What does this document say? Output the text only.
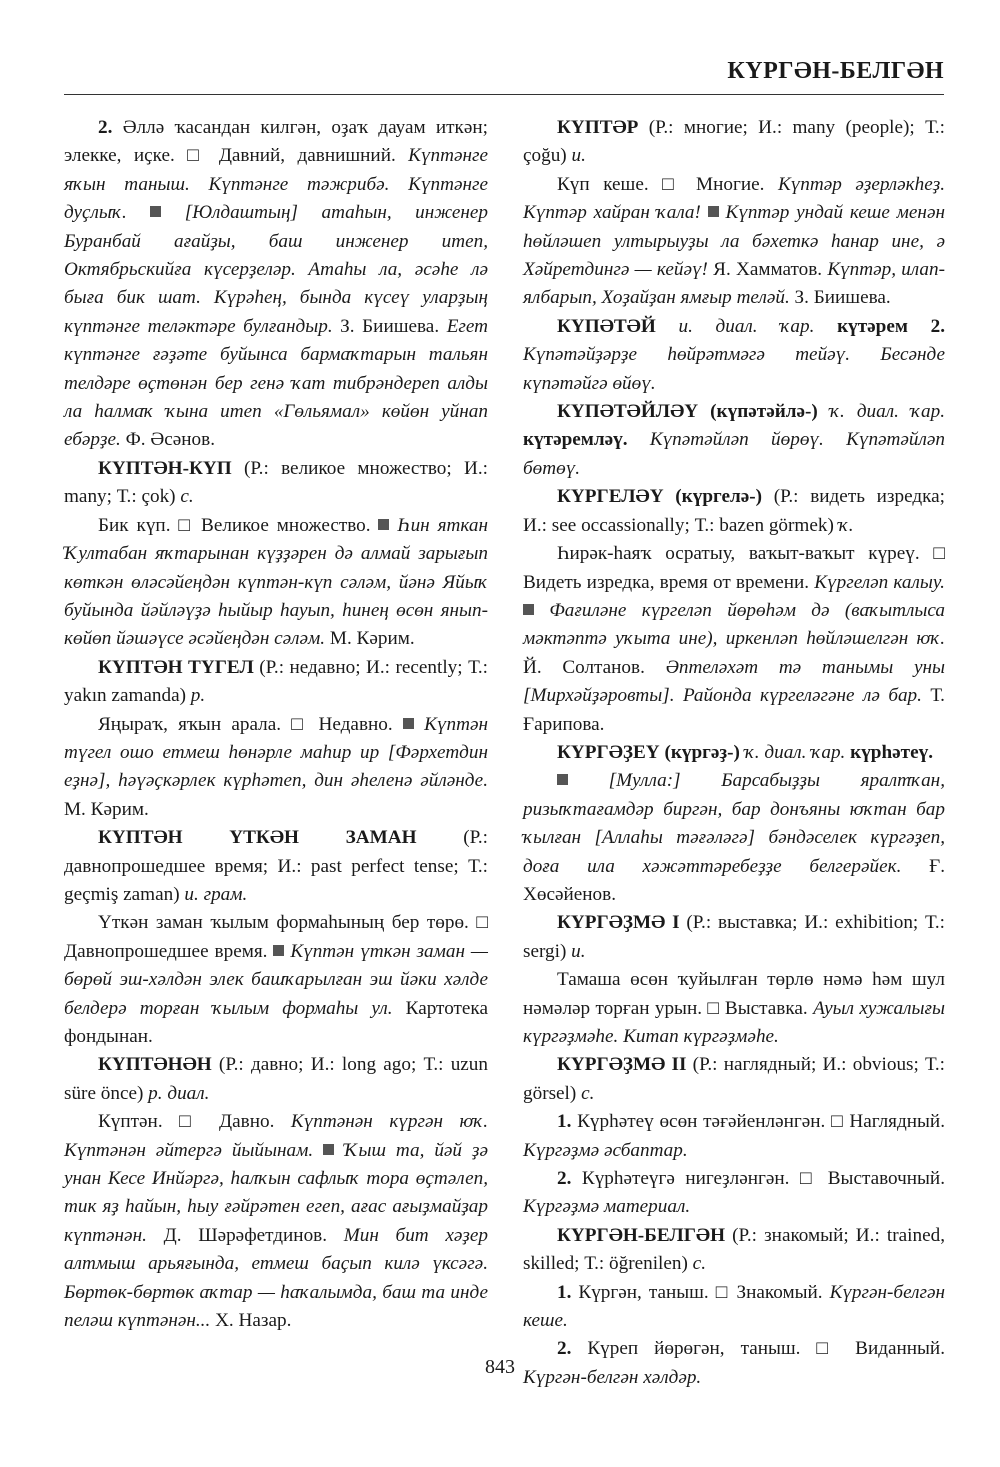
КҮРГӘН-БЕЛГӘН

2. Әллә ҡасандан килгән, оҙаҡ дауам иткән; элекке, иҫке. □ Давний, давнишний. Күптәнге яҡын таныш. Күптәнге тәжрибә. Күптәнге дуҫлыҡ.  [Юлдаштың] атаһын, инженер Буранбай ағайҙы, баш инженер итеп, Октябрьскийға күсерҙеләр. Атаһы ла, әсәһе лә быға бик шат. Күрәһең, бында күсеү уларҙың күптәнге теләктәре булғандыр. З. Биишева. Егет күптәнге ғәҙәте буйынса бармаҡтарын тальян телдәре өҫтөнән бер генә ҡат тибрәндереп алды ла һалмаҡ ҡына итеп «Гөльямал» көйөн уйнап ебәрҙе. Ф. Әсәнов.

КҮПТӘН-КҮП (Р.: великое множество; И.: many; Т.: çok) с.

Бик күп. □ Великое множество.  Һин яткан Ҡултабан яҡтарынан күҙҙәрен дә алмай зарығып көткән өләсәйеңдән күптән-күп сәләм, йәнә Яйыҡ буйында йәйләүҙә һыйыр һауып, һинең өсөн янып-көйөп йәшәүсе әсәйеңдән сәләм. М. Кәрим.

КҮПТӘН ТҮГЕЛ (Р.: недавно; И.: recently; Т.: yakın zamanda) р.

Яңыраҡ, яҡын арала. □ Недавно.  Күптән түгел ошо етмеш һөнәрле маһир ир [Фәрхетдин еҙнә], һәүәҫкәрлек күрһәтеп, дин әһеленә әйләнде. М. Кәрим.

КҮПТӘН ҮТКӘН ЗАМАН (Р.: давнопрошедшее время; И.: past perfect tense; Т.: geçmiş zaman) и. грам.

Үткән заман ҡылым формаһының бер төрө. □ Давнопрошедшее время.  Күптән үткән заман — бөрөй эш-хәлдән элек башҡарылған эш йәки хәлде белдерә торған ҡылым формаһы ул. Картотека фондынан.

КҮПТӘНӘН (Р.: давно; И.: long ago; Т.: uzun süre önce) р. диал.

Күптән. □ Давно. Күптәнән күргән юҡ. Күптәнән әйтергә йыйынам.  Ҡыш та, йәй ҙә унан Кесе Инйәргә, һалҡын сафлыҡ тора өҫтәлеп, тик яҙ һайын, һыу ғәйрәтен егеп, ағас ағыҙмайҙар күптәнән. Д. Шәрәфетдинов. Мин бит хәҙер алтмыш арьяғында, етмеш баҫып килә үксәгә. Бөртөк-бөртөк аҡтар — һаҡалымда, баш та инде пеләш күптәнән... Х. Назар.

КҮПТӘР (Р.: многие; И.: many (people); Т.: çoğu) и.

Күп кеше. □ Многие. Күптәр әҙерләкһеҙ. Күптәр хайран ҡала!  Күптәр ундай кеше менән һөйләшеп ултырыуҙы ла бәхеткә һанар ине, ә Хәйретдингә — кейәү! Я. Хамматов. Күптәр, илап-ялбарып, Хоҙайҙан ямғыр теләй. З. Биишева.

КҮПӘТӘЙ и. диал. ҡар. күтәрем 2. Күпәтәйҙәрҙе һөйрәтмәгә тейәү. Бесәнде күпәтәйгә өйөү.

КҮПӘТӘЙЛӘҮ (күпәтәйлә-) ҡ. диал. ҡар. күтәремләү. Күпәтәйләп йөрөү. Күпәтәйләп бөтөү.

КҮРГЕЛӘҮ (күргелә-) (Р.: видеть изредка; И.: see occassionally; Т.: bazen görmek) ҡ.

Һирәк-һаяҡ осратыу, ваҡыт-ваҡыт күреү. □ Видеть изредка, время от времени. Күргеләп калыу.  Фағиләне күргеләп йөрөһәм дә (ваҡытлыса мәктәптә уҡыта ине), иркенләп һөйләшелгән юҡ. Й. Солтанов. Әптеләхәт тә танымы уны [Мирхәйҙәровты]. Районда күргеләгәне лә бар. Т. Ғарипова.

КҮРГӘҘЕҮ (күргәҙ-) ҡ. диал. ҡар. күрһәтеү.

[Мулла:] Барсабыҙҙы яралтҡан, ризыҡтағамдәр биргән, бар донъяны юҡтан бар ҡылған [Аллаһы тәғәләгә] бәндәселек күргәҙеп, доға ила хәжәттәребеҙҙе белгерәйек. Ғ. Хөсәйенов.

КҮРГӘҘМӘ I (Р.: выставка; И.: exhibition; Т.: sergi) и.

Тамаша өсөн ҡуйылған төрлө нәмә һәм шул нәмәләр торған урын. □ Выставка. Ауыл хужалығы күргәҙмәһе. Китап күргәҙмәһе.

КҮРГӘҘМӘ II (Р.: наглядный; И.: obvious; Т.: görsel) с.

1. Күрһәтеү өсөн тәғәйенләнгән. □ Наглядный. Күргәҙмә әсбаптар.

2. Күрһәтеүгә нигеҙләнгән. □ Выставочный. Күргәҙмә материал.

КҮРГӘН-БЕЛГӘН (Р.: знакомый; И.: trained, skilled; Т.: öğrenilen) с.

1. Күргән, таныш. □ Знакомый. Күргән-белгән кеше.

2. Күреп йөрөгән, таныш. □ Виданный. Күргән-белгән хәлдәр.

843
